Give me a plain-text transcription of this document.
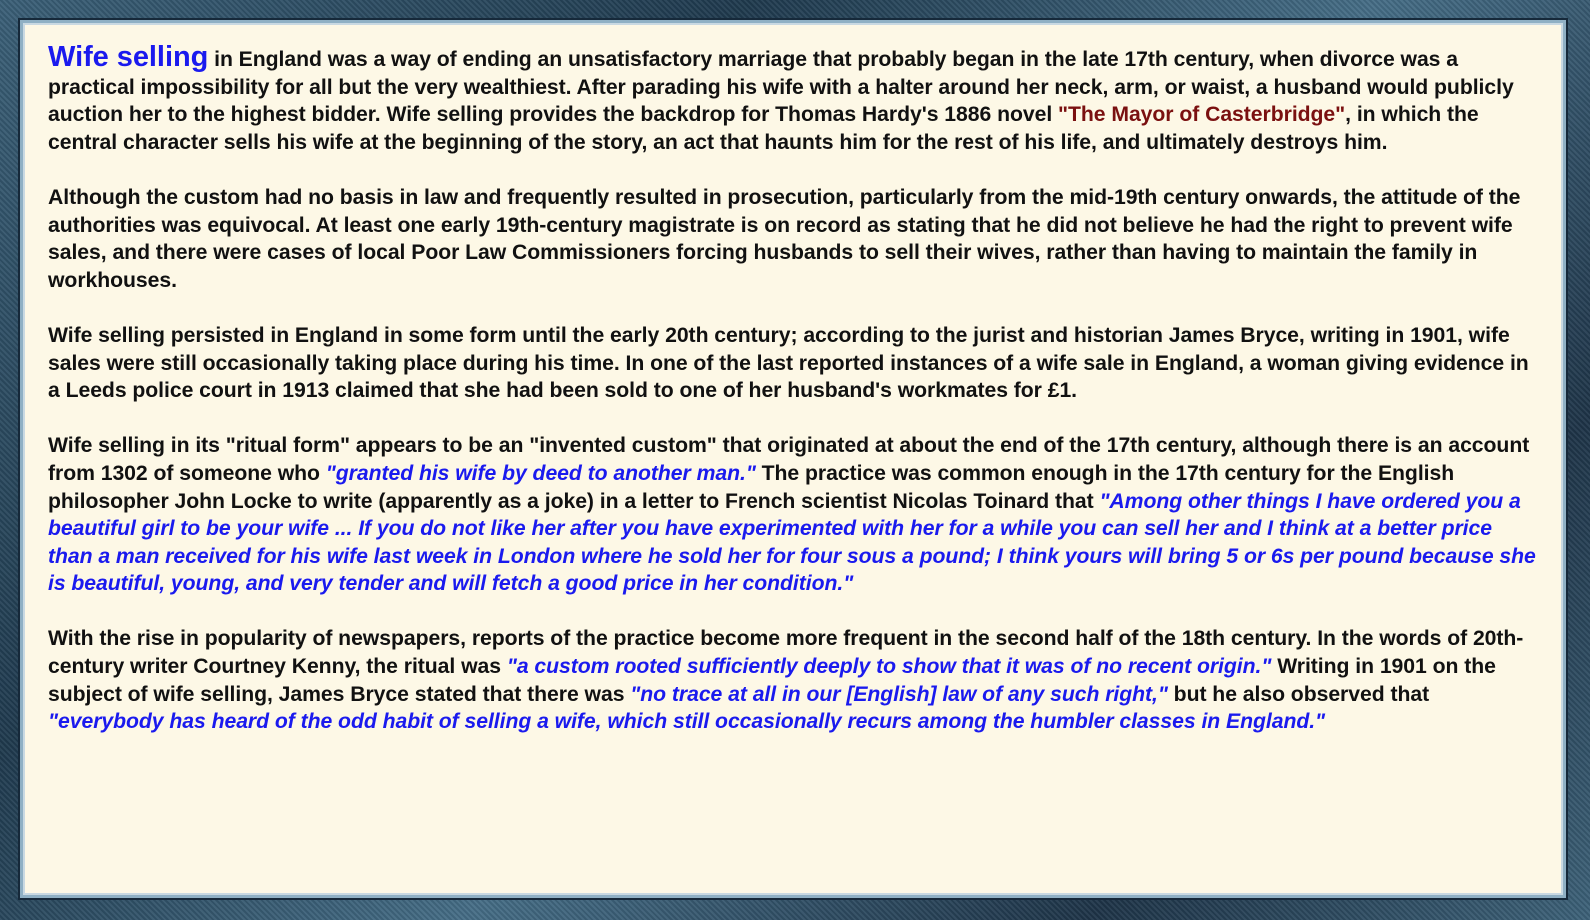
Wife selling in England was a way of ending an unsatisfactory marriage that probably began in the late 17th century, when divorce was a practical impossibility for all but the very wealthiest. After parading his wife with a halter around her neck, arm, or waist, a husband would publicly auction her to the highest bidder. Wife selling provides the backdrop for Thomas Hardy's 1886 novel "The Mayor of Casterbridge", in which the central character sells his wife at the beginning of the story, an act that haunts him for the rest of his life, and ultimately destroys him.

Although the custom had no basis in law and frequently resulted in prosecution, particularly from the mid-19th century onwards, the attitude of the authorities was equivocal. At least one early 19th-century magistrate is on record as stating that he did not believe he had the right to prevent wife sales, and there were cases of local Poor Law Commissioners forcing husbands to sell their wives, rather than having to maintain the family in workhouses.

Wife selling persisted in England in some form until the early 20th century; according to the jurist and historian James Bryce, writing in 1901, wife sales were still occasionally taking place during his time. In one of the last reported instances of a wife sale in England, a woman giving evidence in a Leeds police court in 1913 claimed that she had been sold to one of her husband's workmates for £1.

Wife selling in its "ritual form" appears to be an "invented custom" that originated at about the end of the 17th century, although there is an account from 1302 of someone who "granted his wife by deed to another man." The practice was common enough in the 17th century for the English philosopher John Locke to write (apparently as a joke) in a letter to French scientist Nicolas Toinard that "Among other things I have ordered you a beautiful girl to be your wife ... If you do not like her after you have experimented with her for a while you can sell her and I think at a better price than a man received for his wife last week in London where he sold her for four sous a pound; I think yours will bring 5 or 6s per pound because she is beautiful, young, and very tender and will fetch a good price in her condition."

With the rise in popularity of newspapers, reports of the practice become more frequent in the second half of the 18th century. In the words of 20th-century writer Courtney Kenny, the ritual was "a custom rooted sufficiently deeply to show that it was of no recent origin." Writing in 1901 on the subject of wife selling, James Bryce stated that there was "no trace at all in our [English] law of any such right," but he also observed that "everybody has heard of the odd habit of selling a wife, which still occasionally recurs among the humbler classes in England."
